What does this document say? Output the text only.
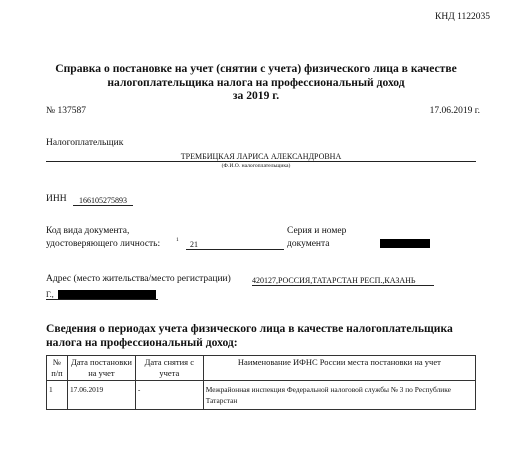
КНД 1122035
Справка о постановке на учет (снятии с учета) физического лица в качестве
налогоплательщика налога на профессиональный доход
за 2019 г.
№ 137587	17.06.2019 г.
Налогоплательщик
ТРЕМБИЦКАЯ ЛАРИСА АЛЕКСАНДРОВНА
(Ф.И.О. налогоплательщика)
ИНН	166105275893
Код вида документа,
удостоверяющего личность:	1	21
Серия и номер
документа
Адрес (место жительства/место регистрации)	420127,РОССИЯ,ТАТАРСТАН РЕСП.,КАЗАНЬ
Г.,
Сведения о периодах учета физического лица в качестве налогоплательщика налога на профессиональный доход:
№ п/п	Дата постановки на учет	Дата снятия с учета	Наименование ИФНС России места постановки на учет
1	17.06.2019	-	Межрайонная инспекция Федеральной налоговой службы № 3 по Республике Татарстан
